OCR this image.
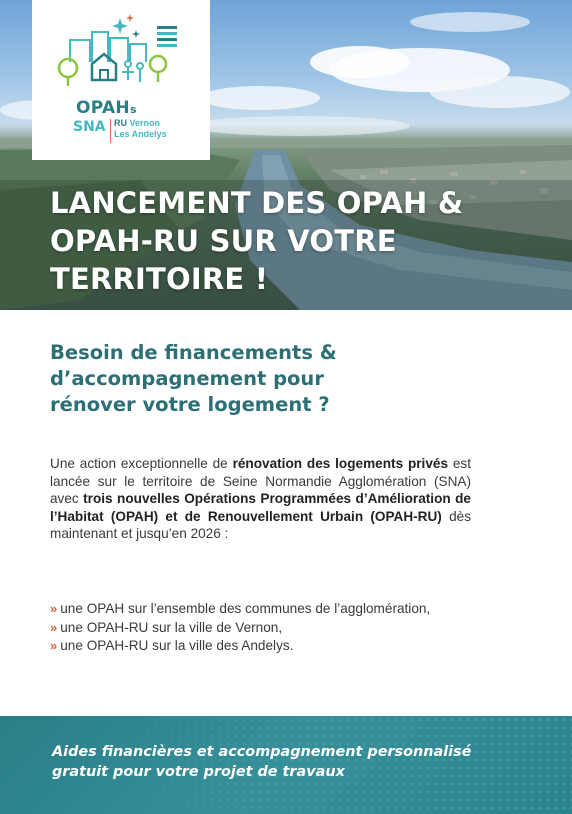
LANCEMENT DES OPAH &
OPAH-RU SUR VOTRE
TERRITOIRE !
OPAHs
SNA RU Vernon
Les Andelys
Besoin de financements &
d’accompagnement pour
rénover votre logement ?

Une action exceptionnelle de rénovation des logements privés est lancée sur le territoire de Seine Normandie Agglomération (SNA) avec trois nouvelles Opérations Programmées d’Amélioration de l’Habitat (OPAH) et de Renouvellement Urbain (OPAH-RU) dès maintenant et jusqu’en 2026 :

» une OPAH sur l’ensemble des communes de l’agglomération,
» une OPAH-RU sur la ville de Vernon,
» une OPAH-RU sur la ville des Andelys.

Aides financières et accompagnement personnalisé
gratuit pour votre projet de travaux
